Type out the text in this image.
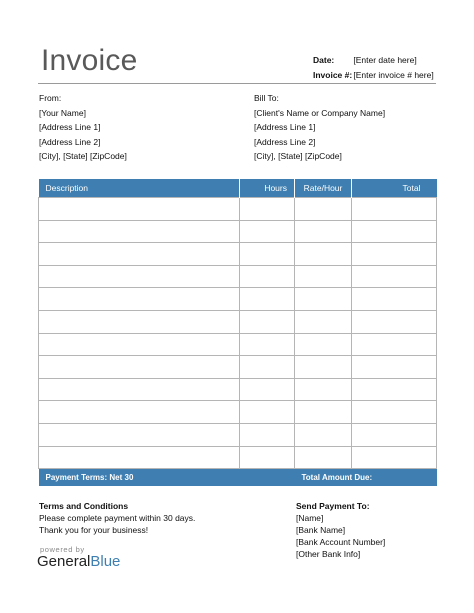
Invoice	Date: [Enter date here]
Invoice #: [Enter invoice # here]
From:
[Your Name]
[Address Line 1]
[Address Line 2]
[City], [State] [ZipCode]
Bill To:
[Client's Name or Company Name]
[Address Line 1]
[Address Line 2]
[City], [State] [ZipCode]
Description	Hours	Rate/Hour	Total

Payment Terms: Net 30		Total Amount Due:	
Terms and Conditions
Please complete payment within 30 days.
Thank you for your business!
Send Payment To:
[Name]
[Bank Name]
[Bank Account Number]
[Other Bank Info]
powered by
GeneralBlue
